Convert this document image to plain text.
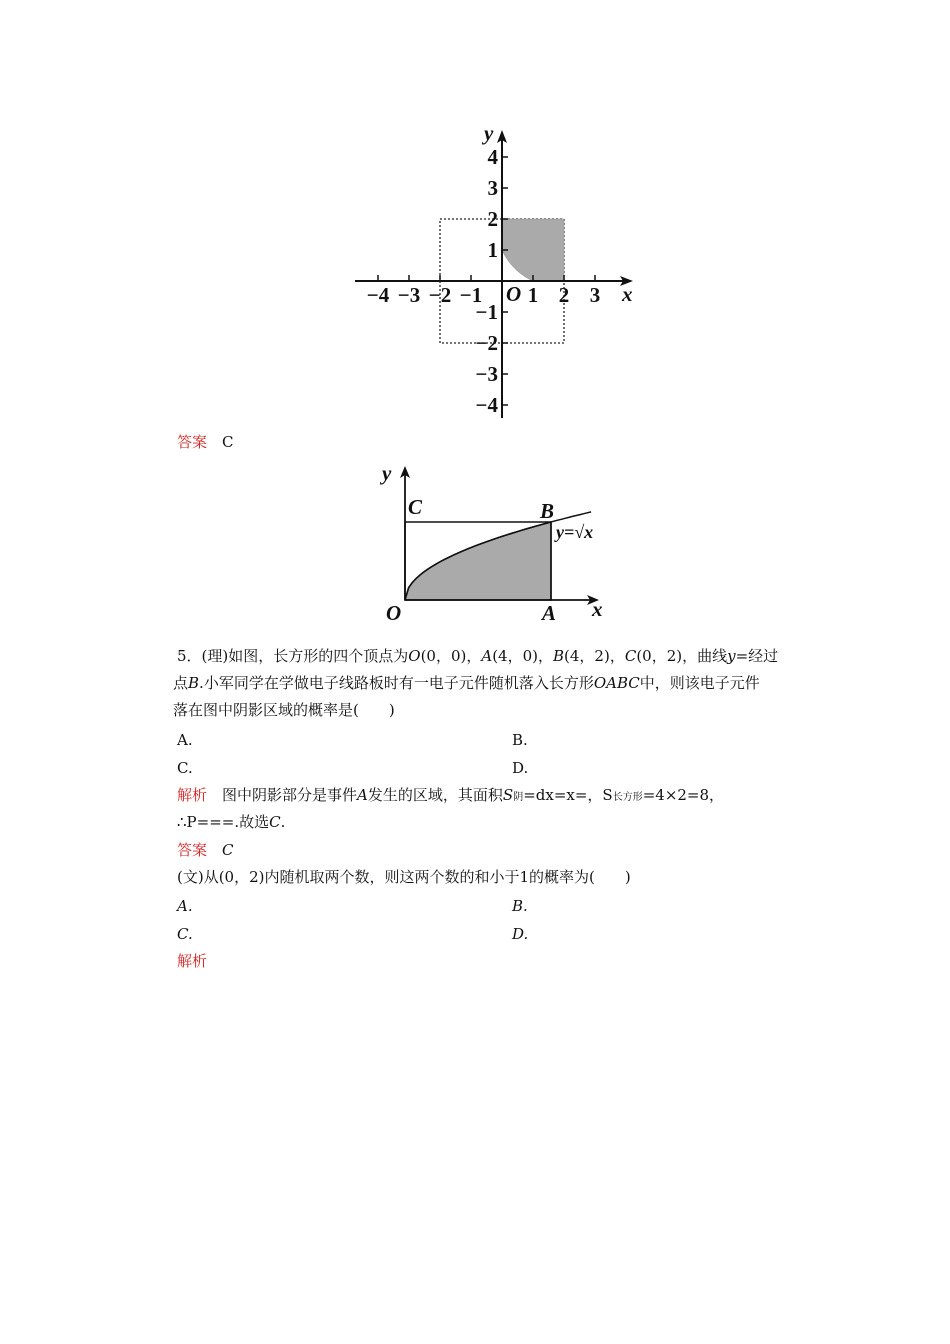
−4 −3 −2 −1 1 2 3
4
3
2
1
−1
−2
−3
−4
x
y
O
答案　 C
y
x
O	A
B
C
y=√x
5．(理)如图，长方形的四个顶点为O(0，0)，A(4，0)，B(4，2)，C(0，2)，曲线y=经过
点B.小军同学在学做电子线路板时有一电子元件随机落入长方形OABC中，则该电子元件
落在图中阴影区域的概率是(　　)
A.	B.
C.	D.
解析　 图中阴影部分是事件A发生的区域，其面积S阴=dx=x=，S长方形=4×2=8，
∴P===.故选C.
答案　 C
(文)从(0，2)内随机取两个数，则这两个数的和小于1的概率为(　　)
A.	B.
C.	D.
解析
